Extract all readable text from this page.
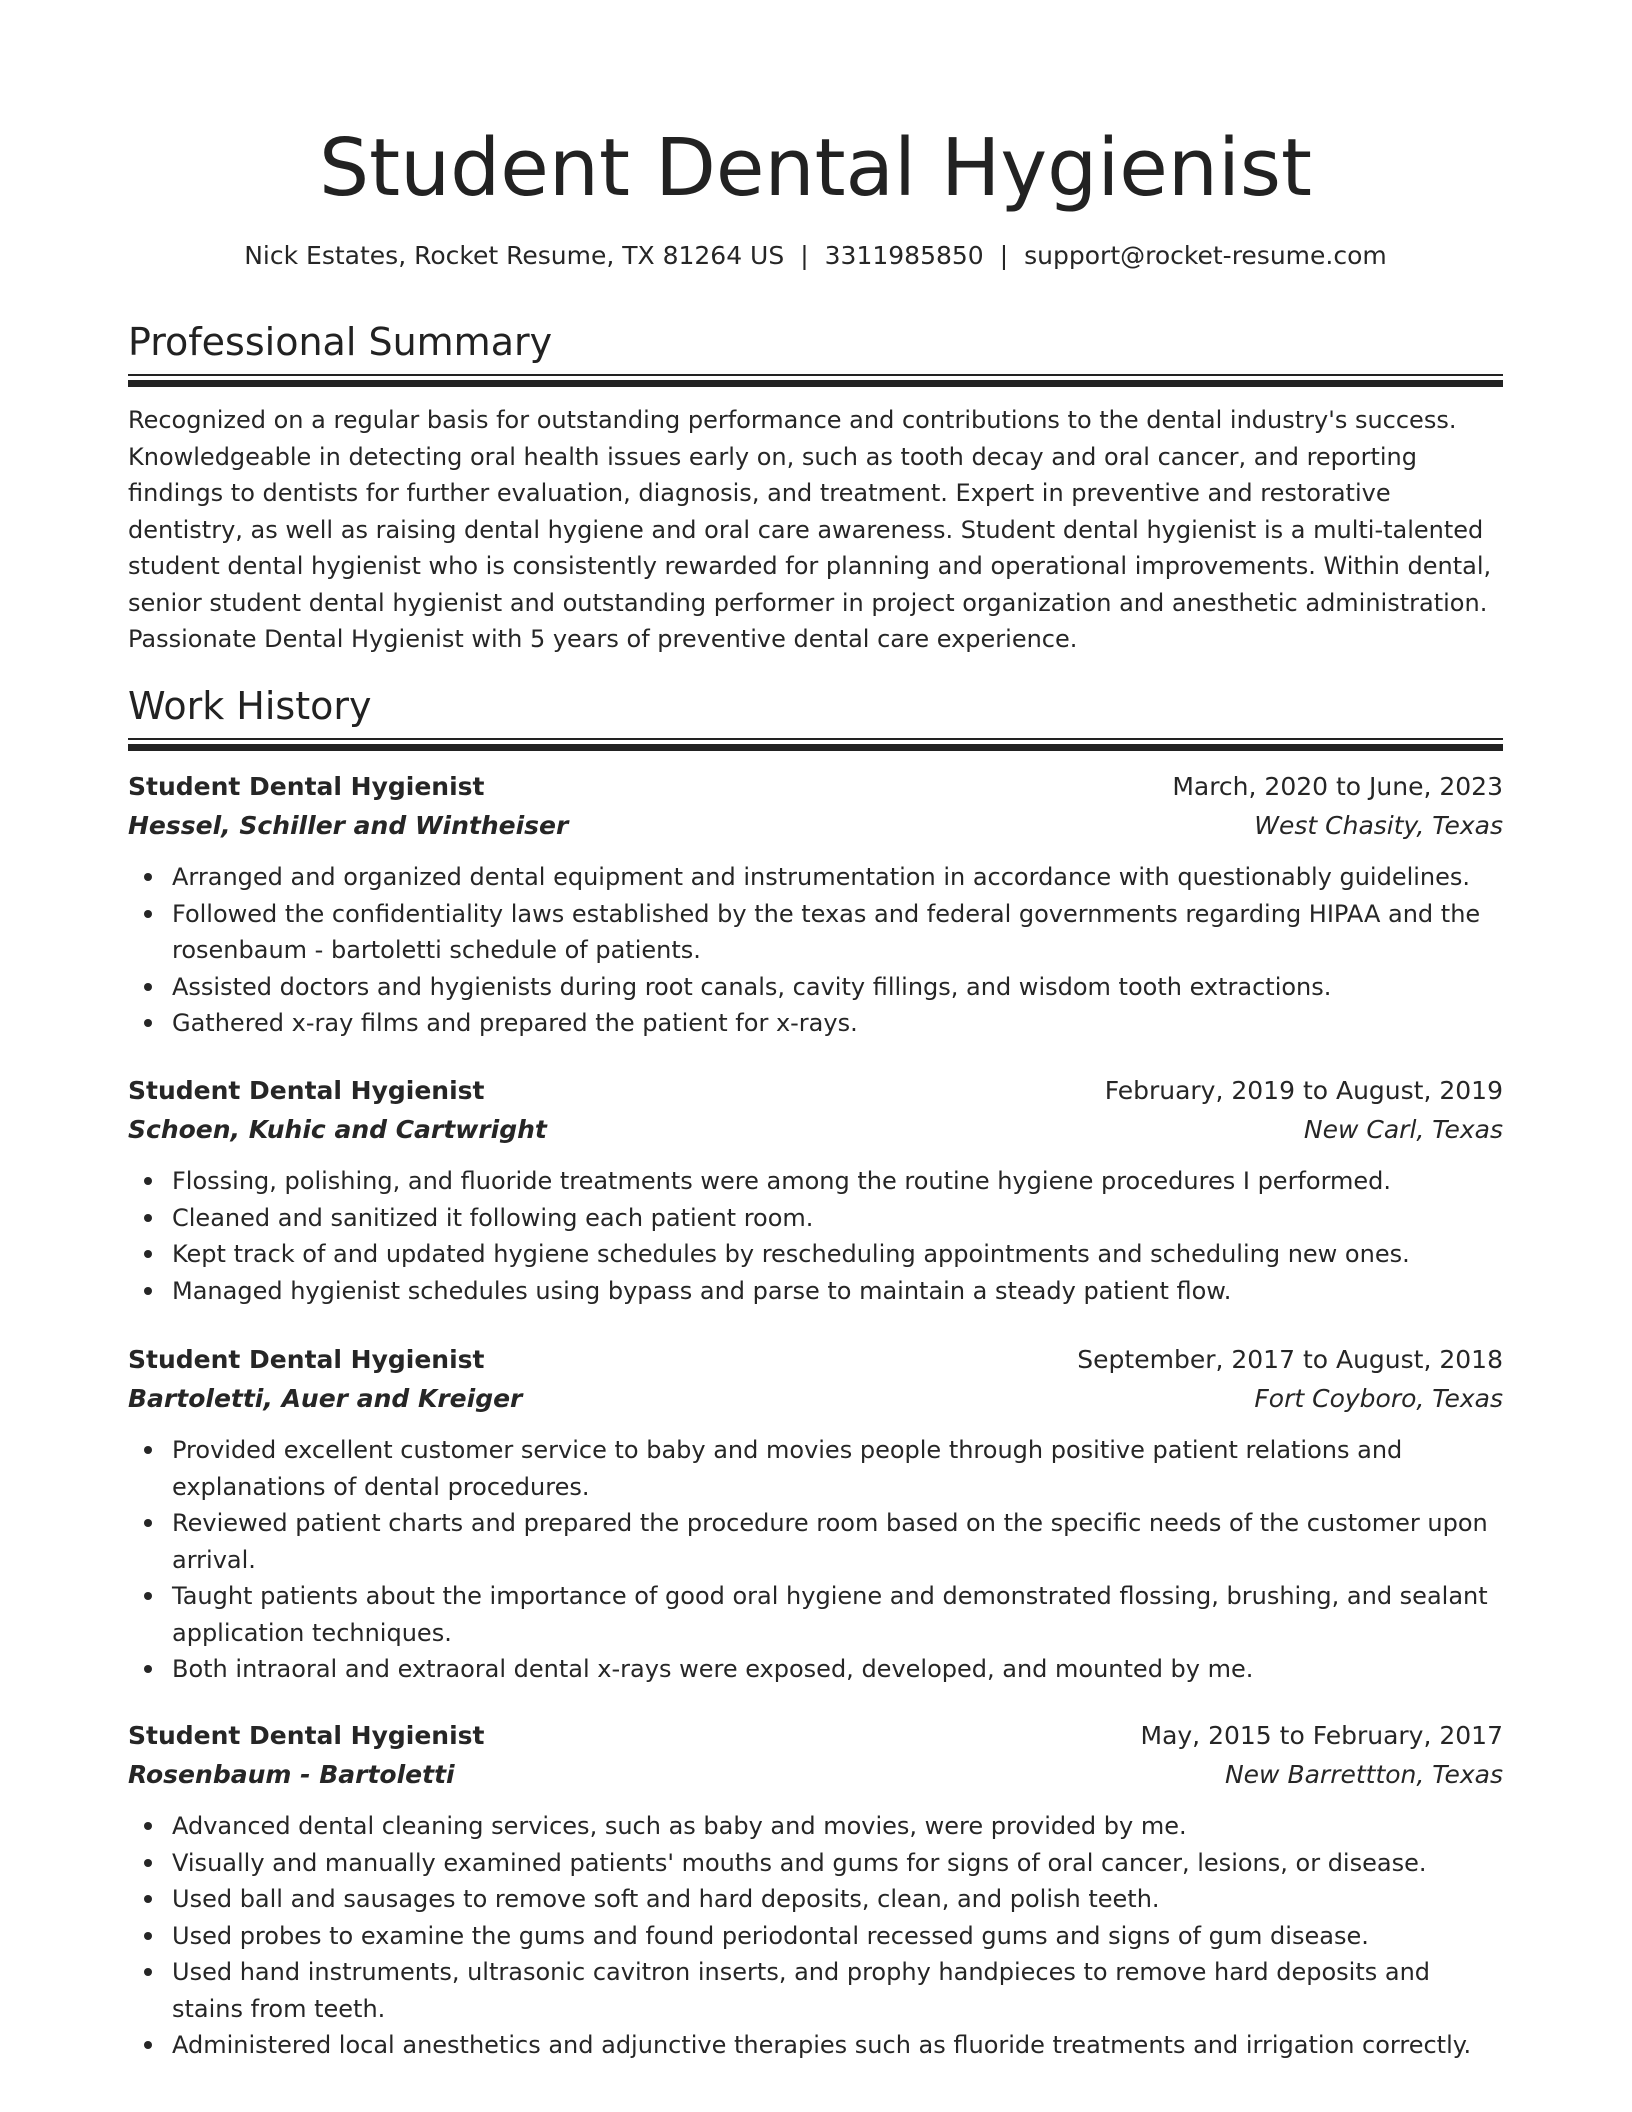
Student Dental Hygienist
Nick Estates, Rocket Resume, TX 81264 US | 3311985850 | support@rocket-resume.com
Professional Summary

Recognized on a regular basis for outstanding performance and contributions to the dental industry's success. Knowledgeable in detecting oral health issues early on, such as tooth decay and oral cancer, and reporting findings to dentists for further evaluation, diagnosis, and treatment. Expert in preventive and restorative dentistry, as well as raising dental hygiene and oral care awareness. Student dental hygienist is a multi-talented student dental hygienist who is consistently rewarded for planning and operational improvements. Within dental, senior student dental hygienist and outstanding performer in project organization and anesthetic administration. Passionate Dental Hygienist with 5 years of preventive dental care experience.

Work History
Student Dental Hygienist	March, 2020 to June, 2023
Hessel, Schiller and Wintheiser	West Chasity, Texas
Arranged and organized dental equipment and instrumentation in accordance with questionably guidelines.
Followed the confidentiality laws established by the texas and federal governments regarding HIPAA and the rosenbaum - bartoletti schedule of patients.
Assisted doctors and hygienists during root canals, cavity fillings, and wisdom tooth extractions.
Gathered x-ray films and prepared the patient for x-rays.
Student Dental Hygienist	February, 2019 to August, 2019
Schoen, Kuhic and Cartwright	New Carl, Texas
Flossing, polishing, and fluoride treatments were among the routine hygiene procedures I performed.
Cleaned and sanitized it following each patient room.
Kept track of and updated hygiene schedules by rescheduling appointments and scheduling new ones.
Managed hygienist schedules using bypass and parse to maintain a steady patient flow.
Student Dental Hygienist	September, 2017 to August, 2018
Bartoletti, Auer and Kreiger	Fort Coyboro, Texas
Provided excellent customer service to baby and movies people through positive patient relations and explanations of dental procedures.
Reviewed patient charts and prepared the procedure room based on the specific needs of the customer upon arrival.
Taught patients about the importance of good oral hygiene and demonstrated flossing, brushing, and sealant application techniques.
Both intraoral and extraoral dental x-rays were exposed, developed, and mounted by me.
Student Dental Hygienist	May, 2015 to February, 2017
Rosenbaum - Bartoletti	New Barrettton, Texas
Advanced dental cleaning services, such as baby and movies, were provided by me.
Visually and manually examined patients' mouths and gums for signs of oral cancer, lesions, or disease.
Used ball and sausages to remove soft and hard deposits, clean, and polish teeth.
Used probes to examine the gums and found periodontal recessed gums and signs of gum disease.
Used hand instruments, ultrasonic cavitron inserts, and prophy handpieces to remove hard deposits and stains from teeth.
Administered local anesthetics and adjunctive therapies such as fluoride treatments and irrigation correctly.
